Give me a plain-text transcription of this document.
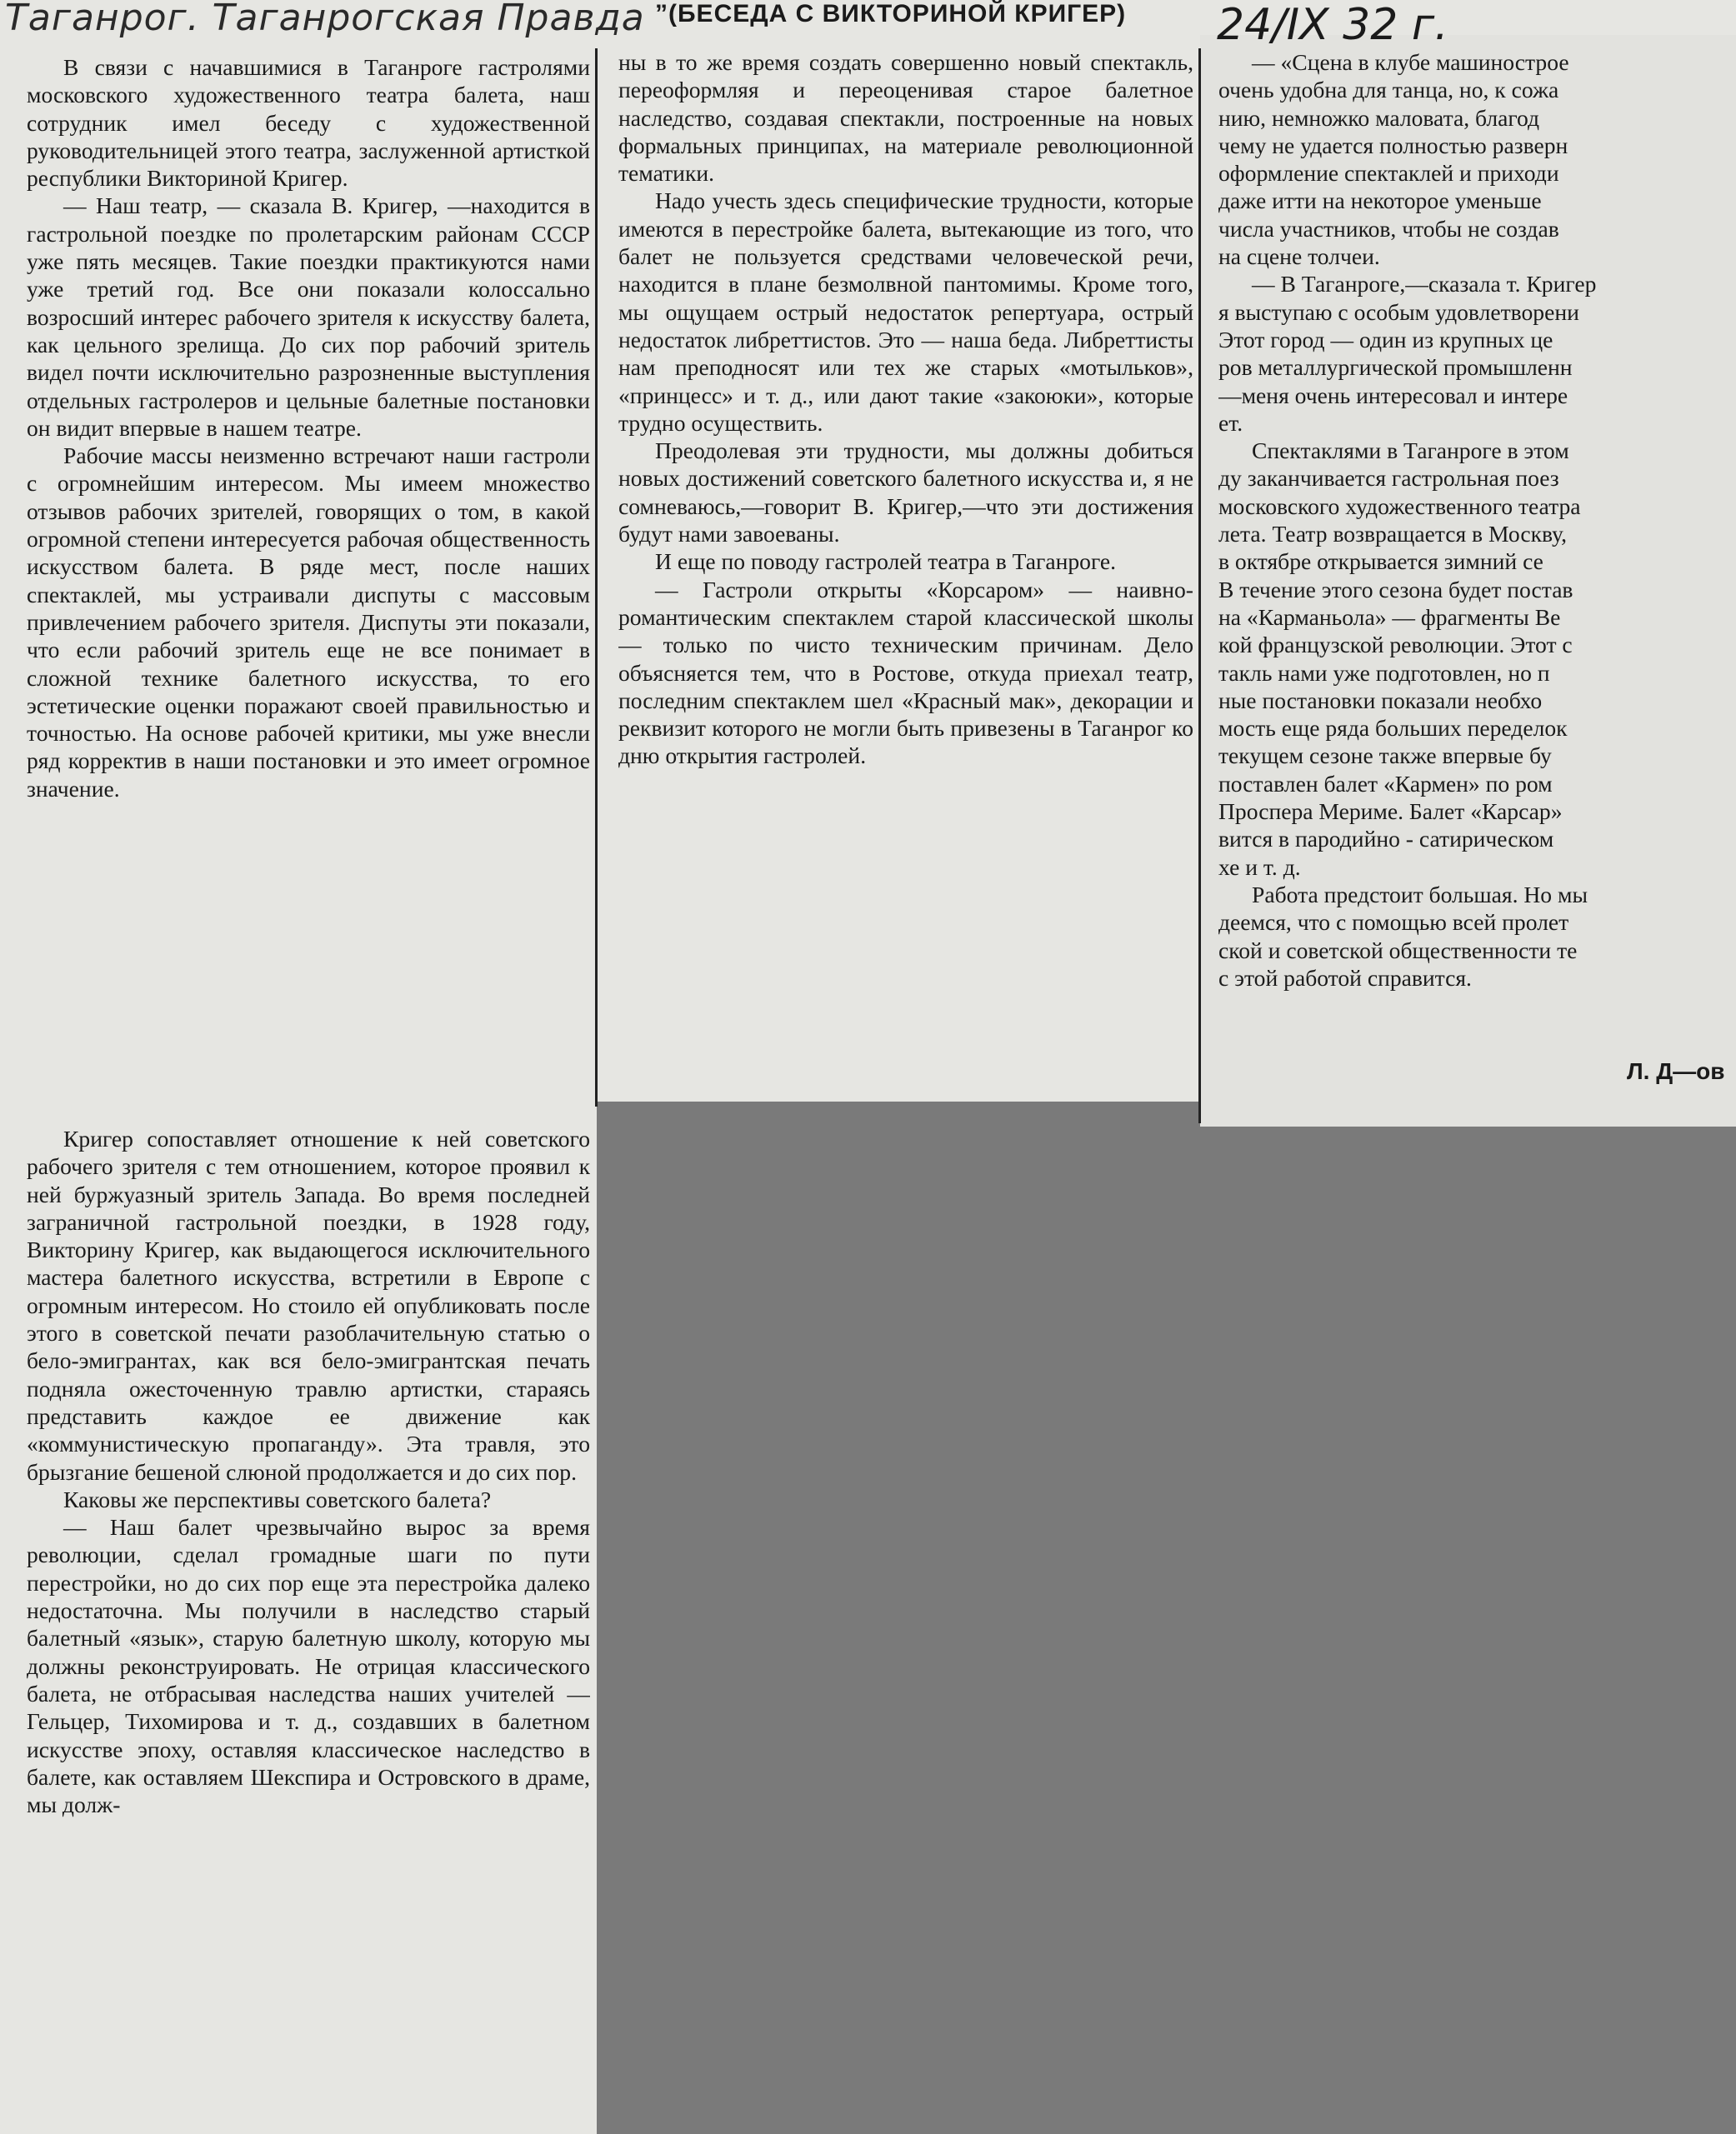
Таганрог. Таганрогская Правда ”(БЕСЕДА С ВИКТОРИНОЙ КРИГЕР) 24/IX 32 г.

В связи с начавшимися в Таганроге гастролями московского художественного театра балета, наш сотрудник имел беседу с художественной руководительницей этого театра, заслуженной артисткой республики Викториной Кригер.

— Наш театр, — сказала В. Кригер, —находится в гастрольной поездке по пролетарским районам СССР уже пять месяцев. Такие поездки практикуются нами уже третий год. Все они показали колоссально возросший интерес рабочего зрителя к искусству балета, как цельного зрелища. До сих пор рабочий зритель видел почти исключительно разрозненные выступления отдельных гастролеров и цельные балетные постановки он видит впервые в нашем театре.

Рабочие массы неизменно встречают наши гастроли с огромнейшим интересом. Мы имеем множество отзывов рабочих зрителей, говорящих о том, в какой огромной степени интересуется рабочая общественность искусством балета. В ряде мест, после наших спектаклей, мы устраивали диспуты с массовым привлечением рабочего зрителя. Диспуты эти показали, что если рабочий зритель еще не все понимает в сложной технике балетного искусства, то его эстетические оценки поражают своей правильностью и точностью. На основе рабочей критики, мы уже внесли ряд корректив в наши постановки и это имеет огромное значение.

Кригер сопоставляет отношение к ней советского рабочего зрителя с тем отношением, которое проявил к ней буржуазный зритель Запада. Во время последней заграничной гастрольной поездки, в 1928 году, Викторину Кригер, как выдающегося исключительного мастера балетного искусства, встретили в Европе с огромным интересом. Но стоило ей опубликовать после этого в советской печати разоблачительную статью о бело-эмигрантах, как вся бело-эмигрантская печать подняла ожесточенную травлю артистки, стараясь представить каждое ее движение как «коммунистическую пропаганду». Эта травля, это брызгание бешеной слюной продолжается и до сих пор.

Каковы же перспективы советского балета?

— Наш балет чрезвычайно вырос за время революции, сделал громадные шаги по пути перестройки, но до сих пор еще эта перестройка далеко недостаточна. Мы получили в наследство старый балетный «язык», старую балетную школу, которую мы должны реконструировать. Не отрицая классического балета, не отбрасывая наследства наших учителей — Гельцер, Тихомирова и т. д., создавших в балетном искусстве эпоху, оставляя классическое наследство в балете, как оставляем Шекспира и Островского в драме, мы долж-

ны в то же время создать совершенно новый спектакль, переоформляя и переоценивая старое балетное наследство, создавая спектакли, построенные на новых формальных принципах, на материале революционной тематики.

Надо учесть здесь специфические трудности, которые имеются в перестройке балета, вытекающие из того, что балет не пользуется средствами человеческой речи, находится в плане безмолвной пантомимы. Кроме того, мы ощущаем острый недостаток репертуара, острый недостаток либреттистов. Это — наша беда. Либреттисты нам преподносят или тех же старых «мотыльков», «принцесс» и т. д., или дают такие «закоюки», которые трудно осуществить.

Преодолевая эти трудности, мы должны добиться новых достижений советского балетного искусства и, я не сомневаюсь,—говорит В. Кригер,—что эти достижения будут нами завоеваны.

И еще по поводу гастролей театра в Таганроге.

— Гастроли открыты «Корсаром» — наивно-романтическим спектаклем старой классической школы — только по чисто техническим причинам. Дело объясняется тем, что в Ростове, откуда приехал театр, последним спектаклем шел «Красный мак», декорации и реквизит которого не могли быть привезены в Таганрог ко дню открытия гастролей.

— «Сцена в клубе машинострое
очень удобна для танца, но, к сожа
нию, немножко маловата, благод
чему не удается полностью разверн
оформление спектаклей и приходи
даже итти на некоторое уменьше
числа участников, чтобы не создав
на сцене толчеи.
— В Таганроге,—сказала т. Кригер
я выступаю с особым удовлетворени
Этот город — один из крупных це
ров металлургической промышленн
—меня очень интересовал и интере
ет.
Спектаклями в Таганроге в этом
ду заканчивается гастрольная поез
московского художественного театра
лета. Театр возвращается в Москву,
в октябре открывается зимний се
В течение этого сезона будет постав
на «Карманьола» — фрагменты Ве
кой французской революции. Этот с
такль нами уже подготовлен, но п
ные постановки показали необхо
мость еще ряда больших переделок
текущем сезоне также впервые бу
поставлен балет «Кармен» по ром
Проспера Мериме. Балет «Карсар»
вится в пародийно - сатирическом
хе и т. д.
Работа предстоит большая. Но мы
деемся, что с помощью всей пролет
ской и советской общественности те
с этой работой справится.
Л. Д—ов
